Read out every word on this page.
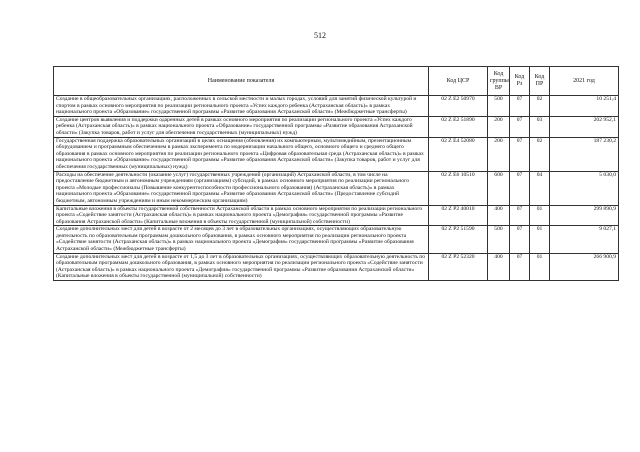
512
Наименование показателя	Код ЦСР	Код группы ВР	Код Рз	Код ПР	2021 год
Создание в общеобразовательных организациях, расположенных в сельской местности и малых городах, условий для занятий физической культурой и спортом в рамках основного мероприятия по реализации регионального проекта «Успех каждого ребенка (Астраханская область)» в рамках национального проекта «Образование» государственной программы «Развитие образования Астраханской области» (Межбюджетные трансферты)	02 Z E2 50970	500	07	02	10 251,4
Создание центров выявления и поддержки одаренных детей в рамках основного мероприятия по реализации регионального проекта «Успех каждого ребенка (Астраханская область)» в рамках национального проекта «Образование» государственной программы «Развитие образования Астраханской области» (Закупка товаров, работ и услуг для обеспечения государственных (муниципальных) нужд)	02 Z E2 51890	200	07	03	202 952,1
Государственная поддержка образовательных организаций в целях оснащения (обновления) их компьютерным, мультимедийным, презентационным оборудованием и программным обеспечением в рамках эксперимента по модернизации начального общего, основного общего и среднего общего образования в рамках основного мероприятия по реализации регионального проекта «Цифровая образовательная среда (Астраханская область)» в рамках национального проекта «Образование» государственной программы «Развитие образования Астраханской области» (Закупка товаров, работ и услуг для обеспечения государственных (муниципальных) нужд)	02 Z E4 52080	200	07	02	187 230,2
Расходы на обеспечение деятельности (оказание услуг) государственных учреждений (организаций) Астраханской области, в том числе на предоставление бюджетным и автономным учреждениям (организациям) субсидий, в рамках основного мероприятия по реализации регионального проекта «Молодые профессионалы (Повышение конкурентоспособности профессионального образования) (Астраханская область)» в рамках национального проекта «Образование» государственной программы «Развитие образования Астраханской области» (Предоставление субсидий бюджетным, автономным учреждениям и иным некоммерческим организациям)	02 Z E6 10510	600	07	04	5 030,0
Капитальные вложения в объекты государственной собственности Астраханской области в рамках основного мероприятия по реализации регионального проекта «Содействие занятости (Астраханская область)» в рамках национального проекта «Демография» государственной программы «Развитие образования Астраханской области» (Капитальные вложения в объекты государственной (муниципальной) собственности)	02 Z P2 40010	400	07	01	299 890,9
Создание дополнительных мест для детей в возрасте от 2 месяцев до 3 лет в образовательных организациях, осуществляющих образовательную деятельность по образовательным программам дошкольного образования, в рамках основного мероприятия по реализации регионального проекта «Содействие занятости (Астраханская область)» в рамках национального проекта «Демография» государственной программы «Развитие образования Астраханской области» (Межбюджетные трансферты)	02 Z P2 51590	500	07	01	9 027,1
Создание дополнительных мест для детей в возрасте от 1,5 до 3 лет в образовательных организациях, осуществляющих образовательную деятельность по образовательным программам дошкольного образования, в рамках основного мероприятия по реализации регионального проекта «Содействие занятости (Астраханская область)» в рамках национального проекта «Демография» государственной программы «Развитие образования Астраханской области» (Капитальные вложения в объекты государственной (муниципальной) собственности)	02 Z P2 52320	400	07	01	266 900,9
